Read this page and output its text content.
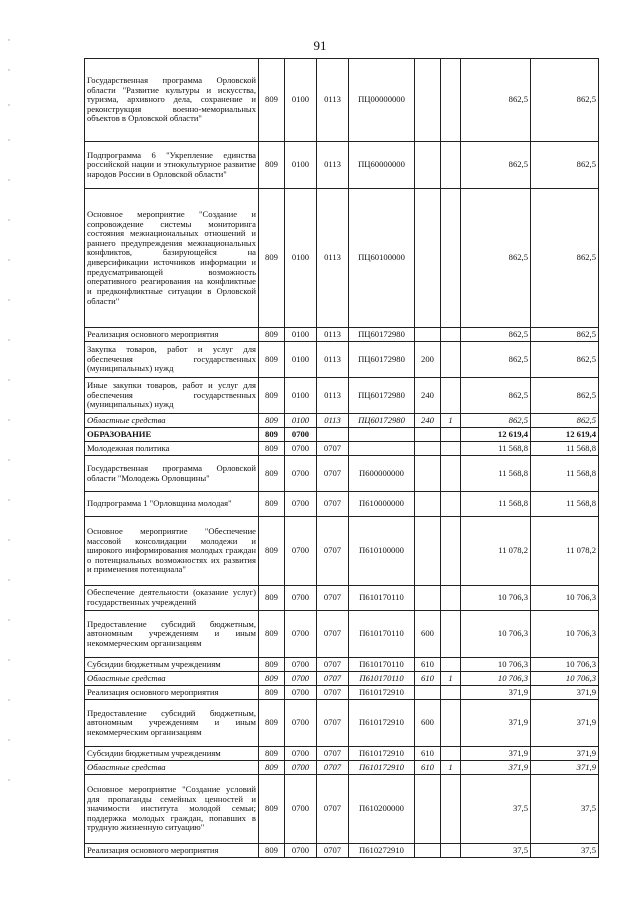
91
Государственная программа Орловской области "Развитие культуры и искусства, туризма, архивного дела, сохранение и реконструкция военно-мемориальных объектов в Орловской области"	809	0100	0113	ПЦ00000000			862,5	862,5
Подпрограмма 6 "Укрепление единства российской нации и этнокультурное развитие народов России в Орловской области"	809	0100	0113	ПЦ60000000			862,5	862,5
Основное мероприятие "Создание и сопровождение системы мониторинга состояния межнациональных отношений и раннего предупреждения межнациональных конфликтов, базирующейся на диверсификации источников информации и предусматривающей возможность оперативного реагирования на конфликтные и предконфликтные ситуации в Орловской области"	809	0100	0113	ПЦ60100000			862,5	862,5
Реализация основного мероприятия	809	0100	0113	ПЦ60172980			862,5	862,5
Закупка товаров, работ и услуг для обеспечения государственных (муниципальных) нужд	809	0100	0113	ПЦ60172980	200		862,5	862,5
Иные закупки товаров, работ и услуг для обеспечения государственных (муниципальных) нужд	809	0100	0113	ПЦ60172980	240		862,5	862,5
Областные средства	809	0100	0113	ПЦ60172980	240	1	862,5	862,5
ОБРАЗОВАНИЕ	809	0700					12 619,4	12 619,4
Молодежная политика	809	0700	0707				11 568,8	11 568,8
Государственная программа Орловской области "Молодежь Орловщины"	809	0700	0707	П600000000			11 568,8	11 568,8
Подпрограмма 1 "Орловщина молодая"	809	0700	0707	П610000000			11 568,8	11 568,8
Основное мероприятие "Обеспечение массовой консолидации молодежи и широкого информирования молодых граждан о потенциальных возможностях их развития и применения потенциала"	809	0700	0707	П610100000			11 078,2	11 078,2
Обеспечение деятельности (оказание услуг) государственных учреждений	809	0700	0707	П610170110			10 706,3	10 706,3
Предоставление субсидий бюджетным, автономным учреждениям и иным некоммерческим организациям	809	0700	0707	П610170110	600		10 706,3	10 706,3
Субсидии бюджетным учреждениям	809	0700	0707	П610170110	610		10 706,3	10 706,3
Областные средства	809	0700	0707	П610170110	610	1	10 706,3	10 706,3
Реализация основного мероприятия	809	0700	0707	П610172910			371,9	371,9
Предоставление субсидий бюджетным, автономным учреждениям и иным некоммерческим организациям	809	0700	0707	П610172910	600		371,9	371,9
Субсидии бюджетным учреждениям	809	0700	0707	П610172910	610		371,9	371,9
Областные средства	809	0700	0707	П610172910	610	1	371,9	371,9
Основное мероприятие "Создание условий для пропаганды семейных ценностей и значимости института молодой семьи; поддержка молодых граждан, попавших в трудную жизненную ситуацию"	809	0700	0707	П610200000			37,5	37,5
Реализация основного мероприятия	809	0700	0707	П610272910			37,5	37,5
